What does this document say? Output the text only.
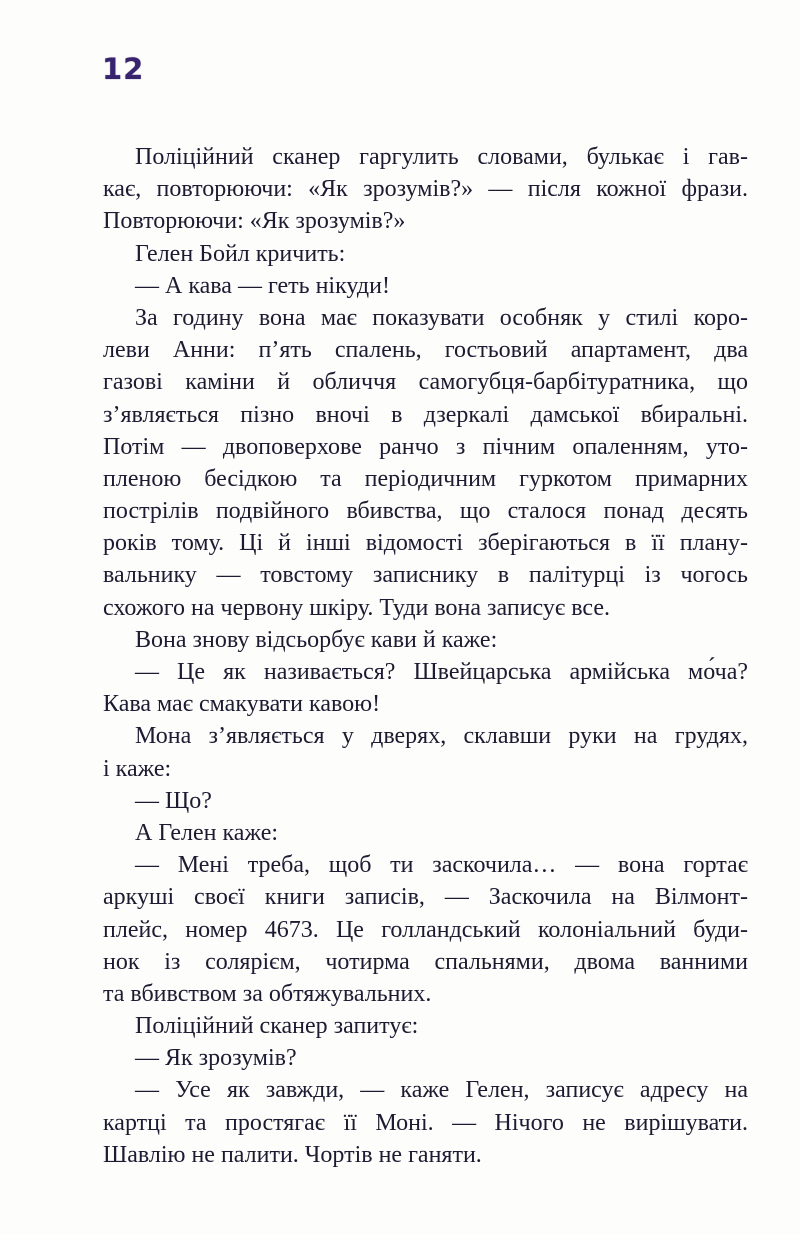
12
Поліційний сканер гаргулить словами, булькає і гав-
кає, повторюючи: «Як зрозумів?» — після кожної фрази.
Повторюючи: «Як зрозумів?»
Гелен Бойл кричить:
— А кава — геть нікуди!
За годину вона має показувати особняк у стилі коро-
леви Анни: п’ять спалень, гостьовий апартамент, два
газові каміни й обличчя самогубця-барбітуратника, що
з’являється пізно вночі в дзеркалі дамської вбиральні.
Потім — двоповерхове ранчо з пічним опаленням, уто-
пленою бесідкою та періодичним гуркотом примарних
пострілів подвійного вбивства, що сталося понад десять
років тому. Ці й інші відомості зберігаються в її плану-
вальнику — товстому записнику в палітурці із чогось
схожого на червону шкіру. Туди вона записує все.
Вона знову відсьорбує кави й каже:
— Це як називається? Швейцарська армійська мо́ча?
Кава має смакувати кавою!
Мона з’являється у дверях, склавши руки на грудях,
і каже:
— Що?
А Гелен каже:
— Мені треба, щоб ти заскочила… — вона гортає
аркуші своєї книги записів, — Заскочила на Вілмонт-
плейс, номер 4673. Це голландський колоніальний буди-
нок із солярієм, чотирма спальнями, двома ванними
та вбивством за обтяжувальних.
Поліційний сканер запитує:
— Як зрозумів?
— Усе як завжди, — каже Гелен, записує адресу на
картці та простягає її Моні. — Нічого не вирішувати.
Шавлію не палити. Чортів не ганяти.
